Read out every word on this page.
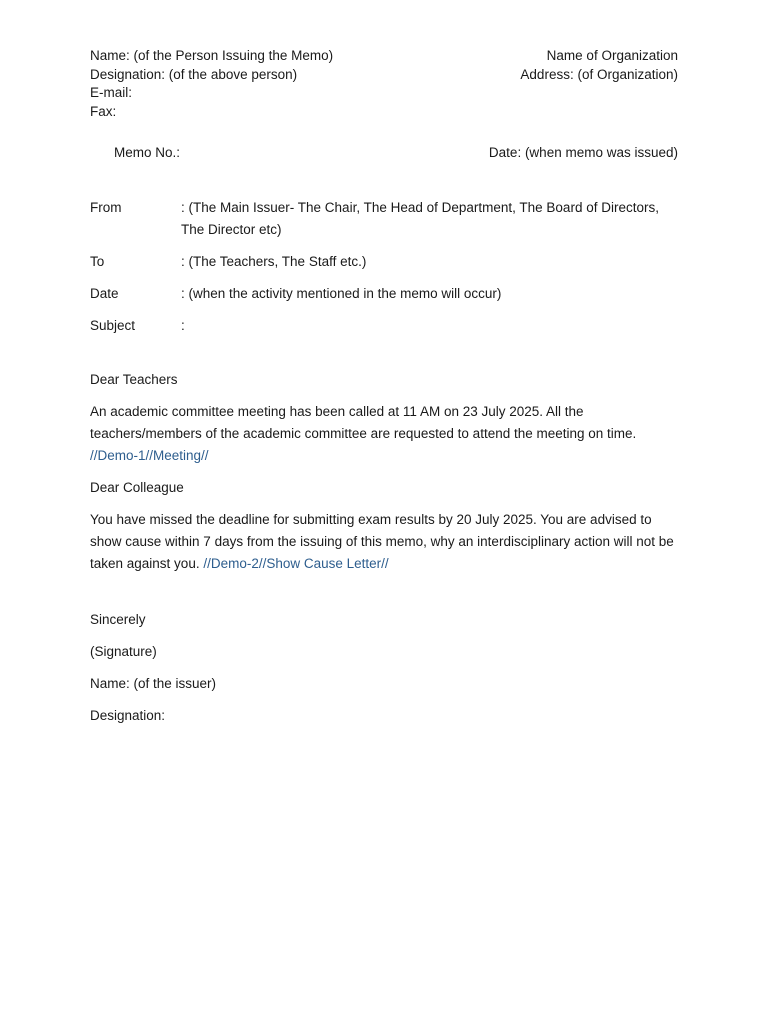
Name: (of the Person Issuing the Memo)
Designation: (of the above person)
E-mail:
Fax:
Name of Organization
Address: (of Organization)
Memo No.:	Date: (when memo was issued)
From	: (The Main Issuer- The Chair, The Head of Department, The Board of Directors, The Director etc)
To	: (The Teachers, The Staff etc.)
Date	: (when the activity mentioned in the memo will occur)
Subject	:

Dear Teachers

An academic committee meeting has been called at 11 AM on 23 July 2025. All the teachers/members of the academic committee are requested to attend the meeting on time. //Demo-1//Meeting//

Dear Colleague

You have missed the deadline for submitting exam results by 20 July 2025. You are advised to show cause within 7 days from the issuing of this memo, why an interdisciplinary action will not be taken against you. //Demo-2//Show Cause Letter//

Sincerely

(Signature)

Name: (of the issuer)

Designation:
